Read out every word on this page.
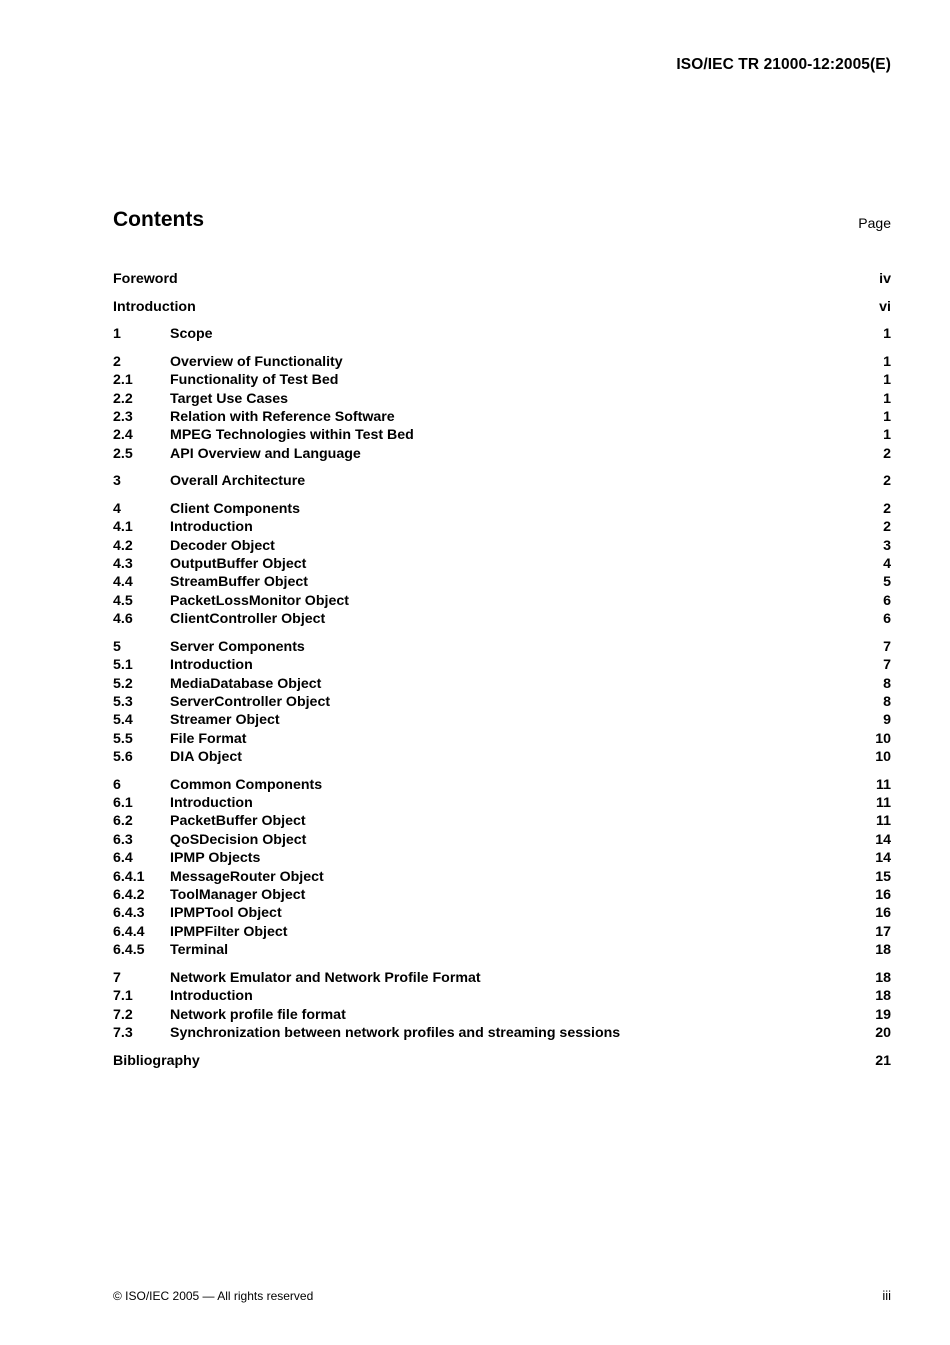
ISO/IEC TR 21000-12:2005(E)
Contents	Page
Foreword	iv
Introduction	vi
1	Scope	1
2	Overview of Functionality	1
2.1	Functionality of Test Bed	1
2.2	Target Use Cases	1
2.3	Relation with Reference Software	1
2.4	MPEG Technologies within Test Bed	1
2.5	API Overview and Language	2
3	Overall Architecture	2
4	Client Components	2
4.1	Introduction	2
4.2	Decoder Object	3
4.3	OutputBuffer Object	4
4.4	StreamBuffer Object	5
4.5	PacketLossMonitor Object	6
4.6	ClientController Object	6
5	Server Components	7
5.1	Introduction	7
5.2	MediaDatabase Object	8
5.3	ServerController Object	8
5.4	Streamer Object	9
5.5	File Format	10
5.6	DIA Object	10
6	Common Components	11
6.1	Introduction	11
6.2	PacketBuffer Object	11
6.3	QoSDecision Object	14
6.4	IPMP Objects	14
6.4.1	MessageRouter Object	15
6.4.2	ToolManager Object	16
6.4.3	IPMPTool Object	16
6.4.4	IPMPFilter Object	17
6.4.5	Terminal	18
7	Network Emulator and Network Profile Format	18
7.1	Introduction	18
7.2	Network profile file format	19
7.3	Synchronization between network profiles and streaming sessions	20
Bibliography	21
© ISO/IEC 2005 — All rights reserved	iii
